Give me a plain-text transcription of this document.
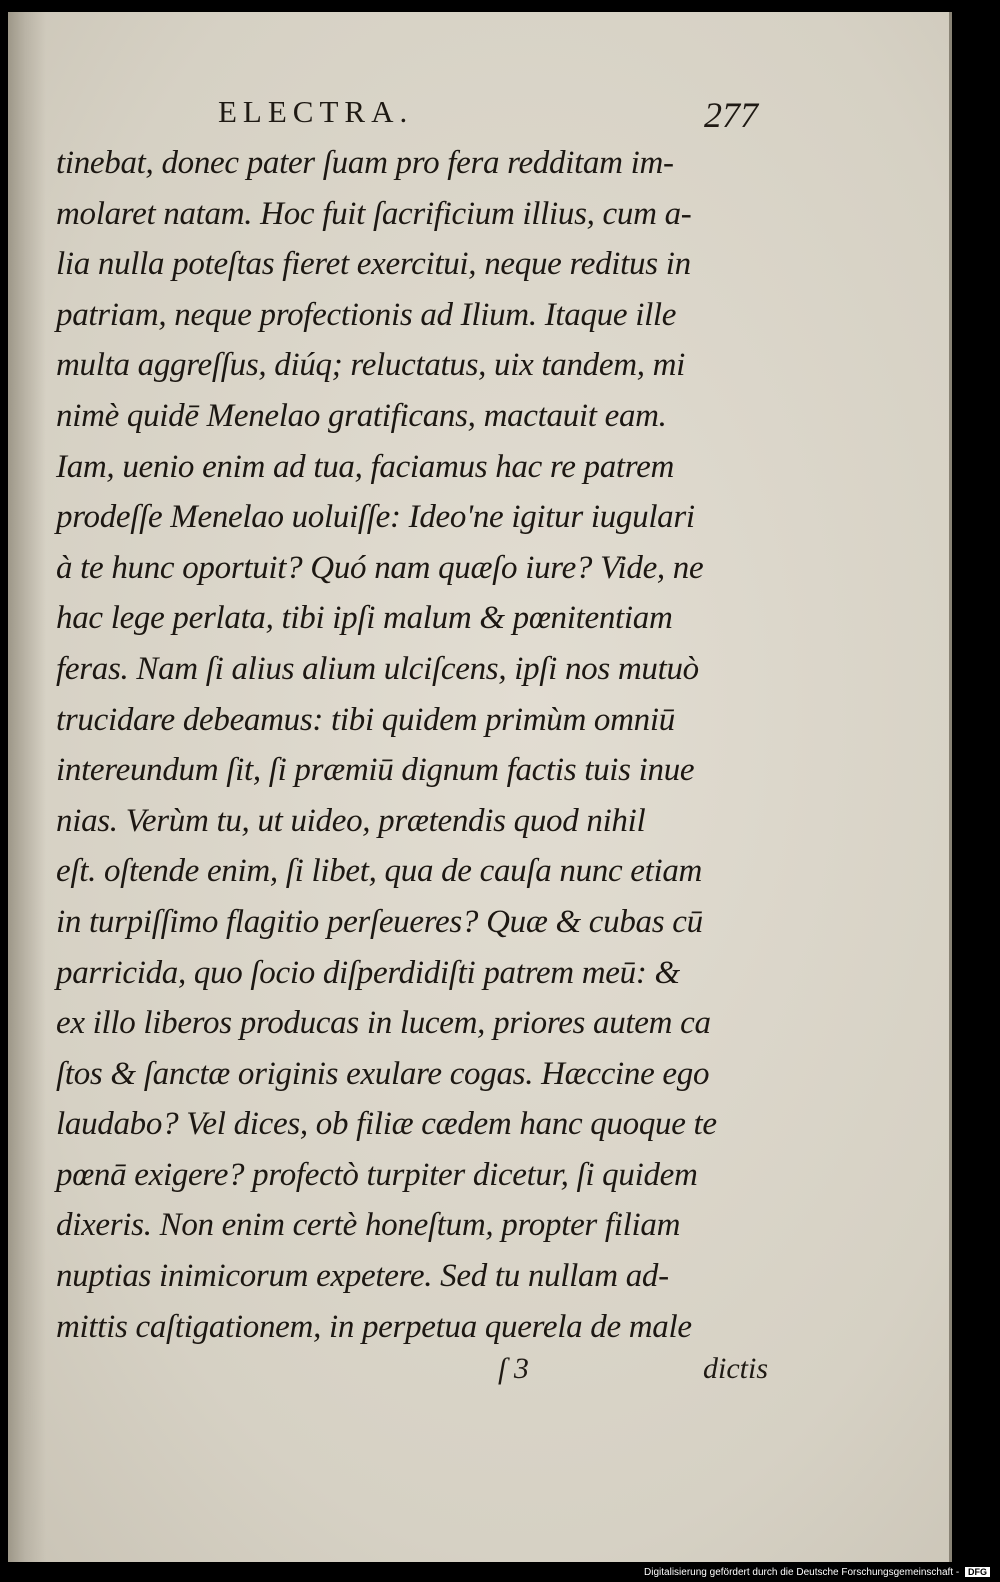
ELECTRA.	277
tinebat, donec pater ſuam pro fera redditam im-
molaret natam. Hoc fuit ſacrificium illius, cum a-
lia nulla poteſtas fieret exercitui, neque reditus in
patriam, neque profectionis ad Ilium. Itaque ille
multa aggreſſus, diúq; reluctatus, uix tandem, mi
nimè quidē Menelao gratificans, mactauit eam.
Iam, uenio enim ad tua, faciamus hac re patrem
prodeſſe Menelao uoluiſſe: Ideo'ne igitur iugulari
à te hunc oportuit? Quó nam quæſo iure? Vide, ne
hac lege perlata, tibi ipſi malum & pœnitentiam
feras. Nam ſi alius alium ulciſcens, ipſi nos mutuò
trucidare debeamus: tibi quidem primùm omniū
intereundum ſit, ſi præmiū dignum factis tuis inue
nias. Verùm tu, ut uideo, prætendis quod nihil
eſt. oſtende enim, ſi libet, qua de cauſa nunc etiam
in turpiſſimo flagitio perſeueres? Quæ & cubas cū
parricida, quo ſocio diſperdidiſti patrem meū: &
ex illo liberos producas in lucem, priores autem ca
ſtos & ſanctæ originis exulare cogas. Hæccine ego
laudabo? Vel dices, ob filiæ cædem hanc quoque te
pœnā exigere? profectò turpiter dicetur, ſi quidem
dixeris. Non enim certè honeſtum, propter filiam
nuptias inimicorum expetere. Sed tu nullam ad-
mittis caſtigationem, in perpetua querela de male
ſ 3	dictis
Digitalisierung gefördert durch die Deutsche Forschungsgemeinschaft - DFG
